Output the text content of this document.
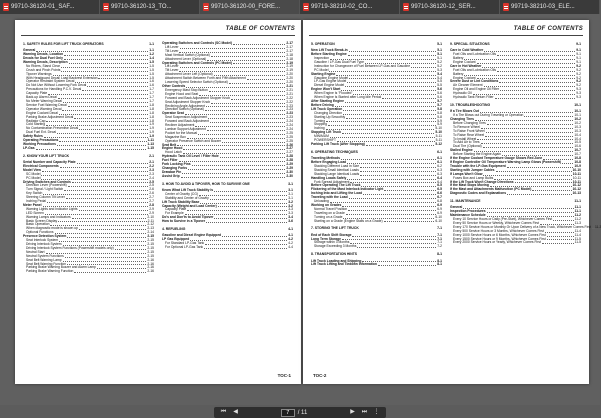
99710-36120-01_SAF...	99710-36120-13_TO...	99710-36120-00_FORE...	99719-38210-02_CO...	99710-36120-12_SER...	99719-38210-03_ELE...
TABLE OF CONTENTS
1. SAFETY RULES FOR LIFT TRUCK OPERATORS	1-1
General	1-1
Warning Decals, Location	1-2
Decals for Dual Fuel Only	1-4
Warning Decals, Description	1-5
No Riders, Stand Clear	1-5
Crush and Pinch Points	1-5
Tipover Warnings	1-5
With Headguard Decal/ Load Backrest Extension	1-5
Operator Restraint System Decal	1-6
Do Not Use Without Lowering Fork Decal	1-6
Precautions for Handling P.C.V. Decal	1-7
Capacity Plate	1-7
Back-up Alarm Decal	1-7
No Meter Warning Decal	1-7
Service Fuel Warning Decal	1-8
Operator Warning Decal	1-8
Engine Coolant Decal	1-8
Parking Brake Adjustment Decal	1-8
Radiator Cap	1-8
Cold Starting	1-9
No Contamination Preventive Decal	1-9
Dual Fuel Ext. Decal	1-9
Safety Rules	1-9
Operating Precautions	1-11
Working Precautions	1-13
LP-Gas	1-15
2. KNOW YOUR LIFT TRUCK	2-1
Serial Number and Capacity Plate	2-1
Electrical Components	2-2
Model View	2-3
SC Model	2-3
PC Model	2-4
Driving Switches and Controls	2-5
Direction Lever (Powershift)	2-5
Turn Signal / Light Switch	2-6
Key Switch	2-6
Steering Column Tilt Lever	2-7
Inching Pedal	2-7
Meter Panel	2-8
Warning Lights and Indicator Lights	2-9
LED Screen	2-9
Warning Lamps and Indicators	2-10
Basic Screen Display	2-11
Basic Operation	2-12
When diagnostic mode is shown up	2-13
Optional Functions	2-14
Presence Detection System	2-15
Seat Interlock System	2-15
Driving Interlock System	2-15
Driving Interlock System Functions (Powershift models only)	2-15
Neutral Start	2-15
Neutral System Functions	2-15
Seat Belt Warning Lamp	2-16
Seat Belt Warning Function	2-16
Parking Brake Warning Buzzer and Alarm Lamp	2-16
Parking Brake Warning Function	2-16
Operating Switches and Controls (SC Model)	2-17
Lift Lever	2-17
Tilt Lever	2-17
Mast Vertical Switch (Optional)	2-18
Attachment Lever (Optional)	2-18
Operating Switches and Controls (PC Model)	2-19
Lift Lever	2-19
Tilt Lever	2-19
Attachment Lever Left (Optional)	2-20
Attachment Switch Between Forth and Fifth Attachment	2-20
Lowering Speed Selector Switch (Optional)	2-20
Other Controls	2-21
Emergency Mast Stop Button	2-21
Engine Hood and Seat	2-21
Forward and Back Adjustment Stopper Knob	2-22
Seat Adjustment Stopper Knob	2-22
Reclining Angle Adjustment	2-23
Direction Switch (Optional)	2-23
Operator Seat	2-23
Seat Suspension Adjustment	2-23
Forward and Back Adjustment	2-24
Recliner Adjustment	2-24
Lumbar Support Adjustment	2-24
Pocket for the Manual	2-25
Magazine Box	2-25
Operator Presence Switch and Buzzer	2-25
Seat Belt	2-26
Engine Hood	2-27
Hood Latch	2-27
Hydraulic Tank Oil Level / Filler Hole	2-28
Fuel Filler	2-28
Fork Locking Pins	2-29
Changing Forks	2-29
Drawbar Pin	2-30
Assist Grip	2-30
3. HOW TO AVOID A TIPOVER, HOW TO SURVIVE ONE	3-1
Know What Lift Truck Stability Is	3-1
Center of Gravity (CG)	3-1
Stability and Center of Gravity	3-1
Lift Truck Stability Base	3-2
Capacity (Weight and Load Center)	3-2
Capacity Plate	3-3
For Example	3-3
Do's and Don'ts to Avoid Tipover	3-4
How to Survive in a Tipover	3-6
4. REFUELING	4-1
Gasoline and Diesel Engine Equipped	4-1
LP Gas Equipped	4-2
For Standard LP-Gas Tank	4-2
For Optional LP-Gas Tank	4-4
TOC-1
TABLE OF CONTENTS
5. OPERATION	5-1
New Lift Truck Break-in	5-1
Before Starting Engine	5-1
Inspection	5-1
Gasoline / LP-Gas Dual Fuel Type	5-2
Instruction for Changeover of Fuel Between LP-Gas and Gasoline	5-2
PC Model	5-3
Starting Engine	5-4
Gasoline Engine Model	5-4
LP-Gas Engine Model	5-5
Diesel Engine Model	5-5
Engine Won't Start	5-6
When Engine Is "Flooded"	5-6
When Engine Is Started after Long Idle Period	5-6
After Starting Engine	5-7
Before Driving	5-7
Lift Truck Operation	5-8
Changing Direction	5-8
Starting Up Smoothly	5-8
Turning	5-9
Stopping	5-9
Inching	5-10
Stopping Lift Truck	5-10
MINIMUM	5-11
POWERSHIFT	5-11
Parking Lift Truck (After Stopping)	5-12
6. OPERATING TECHNIQUES	6-1
Traveling Methods	6-1
Before Engaging Load	6-1
Stacking Different Load in Size	6-2
Stacking Small Identical Loads	6-3
Stacking Large Identical Loads	6-3
Handling Loads Safely	6-4
Fork Spread Adjustment	6-4
Before Operating The Lift Truck	6-5
Flickering of the Mast Interlock Indicator Light	6-5
Inching Into and Lifting the Load	6-6
Traveling with the Load	6-7
Unloading	6-8
Working on Grades	6-9
Normal Travel Position	6-9
Traveling on a Grade	6-9
Turning on a Grade	6-10
Starting on a Grade (Engine Stalls on a Grade)	6-10
7. STORING THE LIFT TRUCK	7-1
End of Each Shift Storage	7-1
Long Term Storage	7-1
Storage within 3 Months	7-1
Storage Exceeding 3 Months	7-2
8. TRANSPORTATION HINTS	8-1
Lift Truck Loading and Shipping	8-1
Lift Truck Lifting and Tiedown Information	8-1
9. SPECIAL SITUATIONS	9-1
Care in Cold Weather	9-1
Fuel Oils and Lubrication Oils	9-1
Battery	9-1
Engine Coolant	9-1
Care in Hot Weather	9-2
Fuel Oils and Lubrication Oils	9-2
Battery	9-2
Engine Coolant	9-2
Severe Dust or Lint Conditions	9-2
Air Cleaner Element	9-2
Engine Oil and Engine Oil Filter	9-3
Hydraulic Oil	9-3
Hydraulic Tank Return Filter	9-3
10. TROUBLESHOOTING	10-1
If a Tire Blows Out	10-1
If a Tire Blows out During Traveling or Operation	10-1
Changing Tires	10-2
Before Changing Tires	10-2
To Remove Wheel	10-3
To Raise Front Wheel	10-3
To Raise Rear Wheel	10-4
To Install Wheel	10-4
To Add Air to Tires	10-5
Dual Tire (Optional)	10-6
Stalled Engine	10-7
Before Starting the Engine Again	10-7
If the Engine Coolant Temperature Gauge Shows Red Zone	10-8
If Engine Controller Oil Temperature Warning Lamp Glows (Powershift)	10-8
Trouble with the LP-Gas Equipment	10-9
Starting with Jumper Cables	10-10
If Lamps Won't Glow	10-11
Fuses Box and Lamp Bulbs	10-11
If the Lift Truck Won't Change Directions	10-11
If the Mast Stops Moving	10-12
If the Mast and Attachments Malfunction (PC Model)	10-12
Diagnostic Codes and Explanations	10-13
11. MAINTENANCE	11-1
General	11-1
Inspection Procedures	11-1
Maintenance Schedule	11-2
Every 10 Service Hours or Daily (Pre-Start), Whichever Comes First	11-2
Every 50 Service Hours or Weekly, Whichever Comes First	11-3
Every 170 Service Hours or Monthly Or Upon Delivery of a New Truck, Whichever Comes First 11-3
Every 500 Service Hours or 3 Months, Whichever Comes First	11-4
Every 1000 Service Hours or 6 Months, Whichever Comes First	11-4
Every 1500 Service Hours or 9 Months, Whichever Comes First	11-5
Every 2000 Service Hours or Yearly, Whichever Comes First	11-5
TOC-2
⏮	◀	7	/ 11	▶	⏭ ⋮
